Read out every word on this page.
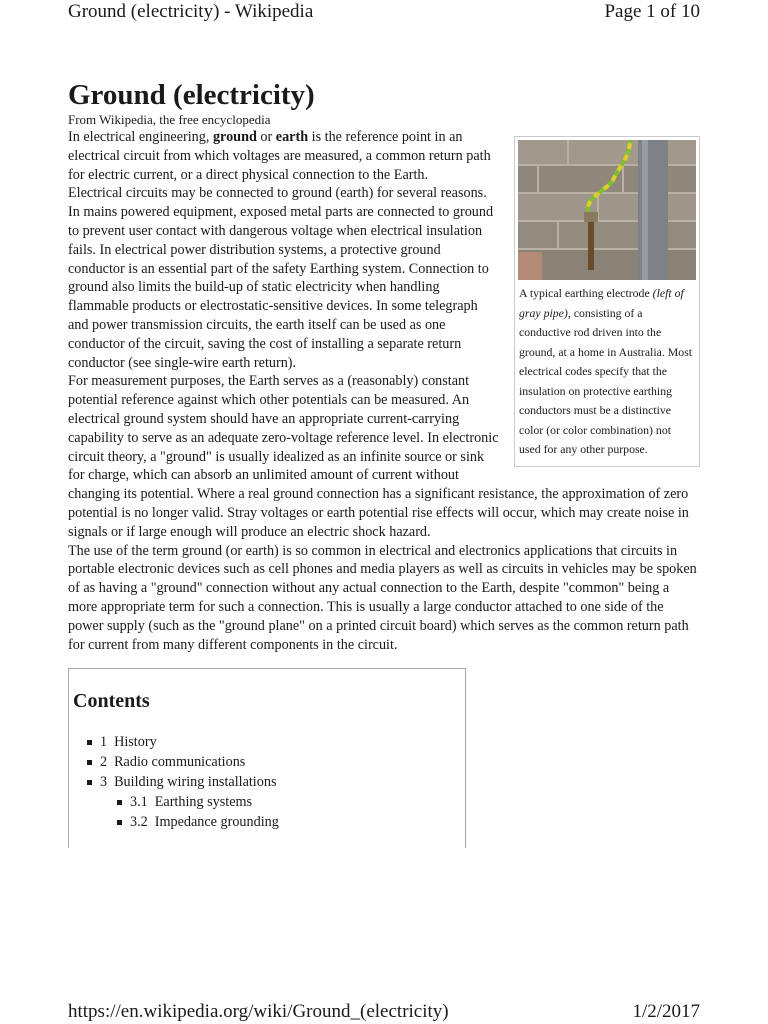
Ground (electricity) - Wikipedia	Page 1 of 10
Ground (electricity)
From Wikipedia, the free encyclopedia
A typical earthing electrode (left of gray pipe), consisting of a conductive rod driven into the ground, at a home in Australia. Most electrical codes specify that the insulation on protective earthing conductors must be a distinctive color (or color combination) not used for any other purpose.

In electrical engineering, ground or earth is the reference point in an electrical circuit from which voltages are measured, a common return path for electric current, or a direct physical connection to the Earth.

Electrical circuits may be connected to ground (earth) for several reasons. In mains powered equipment, exposed metal parts are connected to ground to prevent user contact with dangerous voltage when electrical insulation fails. In electrical power distribution systems, a protective ground conductor is an essential part of the safety Earthing system. Connection to ground also limits the build-up of static electricity when handling flammable products or electrostatic-sensitive devices. In some telegraph and power transmission circuits, the earth itself can be used as one conductor of the circuit, saving the cost of installing a separate return conductor (see single-wire earth return).

For measurement purposes, the Earth serves as a (reasonably) constant potential reference against which other potentials can be measured. An electrical ground system should have an appropriate current-carrying capability to serve as an adequate zero-voltage reference level. In electronic circuit theory, a "ground" is usually idealized as an infinite source or sink for charge, which can absorb an unlimited amount of current without changing its potential. Where a real ground connection has a significant resistance, the approximation of zero potential is no longer valid. Stray voltages or earth potential rise effects will occur, which may create noise in signals or if large enough will produce an electric shock hazard.

The use of the term ground (or earth) is so common in electrical and electronics applications that circuits in portable electronic devices such as cell phones and media players as well as circuits in vehicles may be spoken of as having a "ground" connection without any actual connection to the Earth, despite "common" being a more appropriate term for such a connection. This is usually a large conductor attached to one side of the power supply (such as the "ground plane" on a printed circuit board) which serves as the common return path for current from many different components in the circuit.

Contents
1 History
2 Radio communications
3 Building wiring installations
3.1 Earthing systems
3.2 Impedance grounding
https://en.wikipedia.org/wiki/Ground_(electricity)	1/2/2017
